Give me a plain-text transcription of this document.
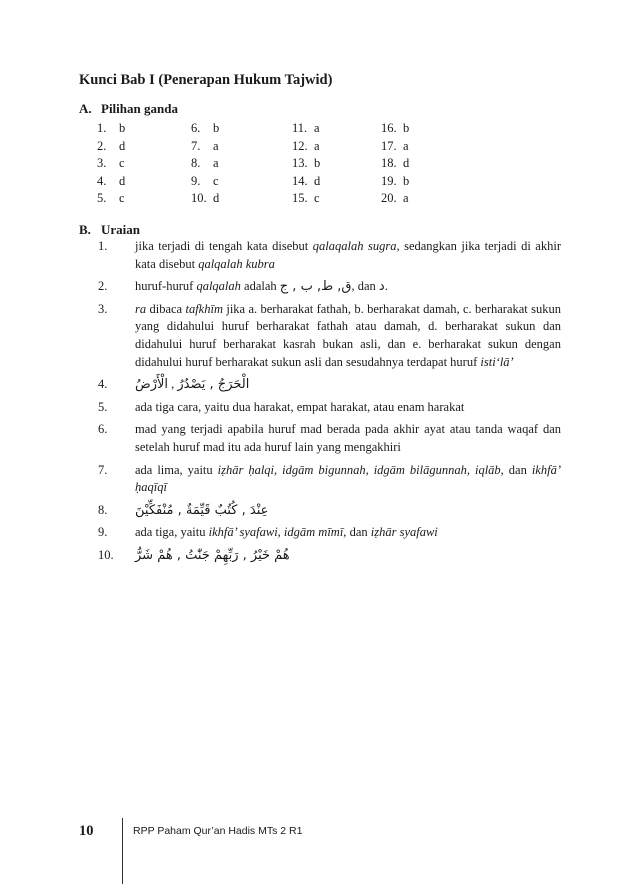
Kunci Bab I (Penerapan Hukum Tajwid)
A. Pilihan ganda
1. b
2. d
3. c
4. d
5. c
6. b
7. a
8. a
9. c
10. d
11. a
12. a
13. b
14. d
15. c
16. b
17. a
18. d
19. b
20. a
B. Uraian
1. jika terjadi di tengah kata disebut qalaqalah sugra, sedangkan jika terjadi di akhir kata disebut qalqalah kubra
2. huruf-huruf qalqalah adalah ق, ط, ب , ج, dan د.
3. ra dibaca tafkhīm jika a. berharakat fathah, b. berharakat damah, c. berharakat sukun yang didahului huruf berharakat fathah atau damah, d. berharakat sukun dan didahului huruf berharakat kasrah bukan asli, dan e. berharakat sukun dengan didahului huruf berharakat sukun asli dan sesudahnya terdapat huruf isti‘lā’
4. الْأَرْضُ , الْحَرَجُ , يَصْدُرُ
5. ada tiga cara, yaitu dua harakat, empat harakat, atau enam harakat
6. mad yang terjadi apabila huruf mad berada pada akhir ayat atau tanda waqaf dan setelah huruf mad itu ada huruf lain yang mengakhiri
7. ada lima, yaitu iẓhār ḥalqi, idgām bigunnah, idgām bilāgunnah, iqlāb, dan ikhfā’ ḥaqīqī
8. عِنْدَ , كُتُبٌ قَيِّمَةٌ , مُنْفَكِّيْنَ
9. ada tiga, yaitu ikhfā’ syafawi, idgām mīmī, dan iẓhār syafawi
10. هُمْ خَيْرُ , رَبِّهِمْ جَنّٰتُ , هُمْ شَرُّ
10	RPP Paham Qur’an Hadis MTs 2 R1
